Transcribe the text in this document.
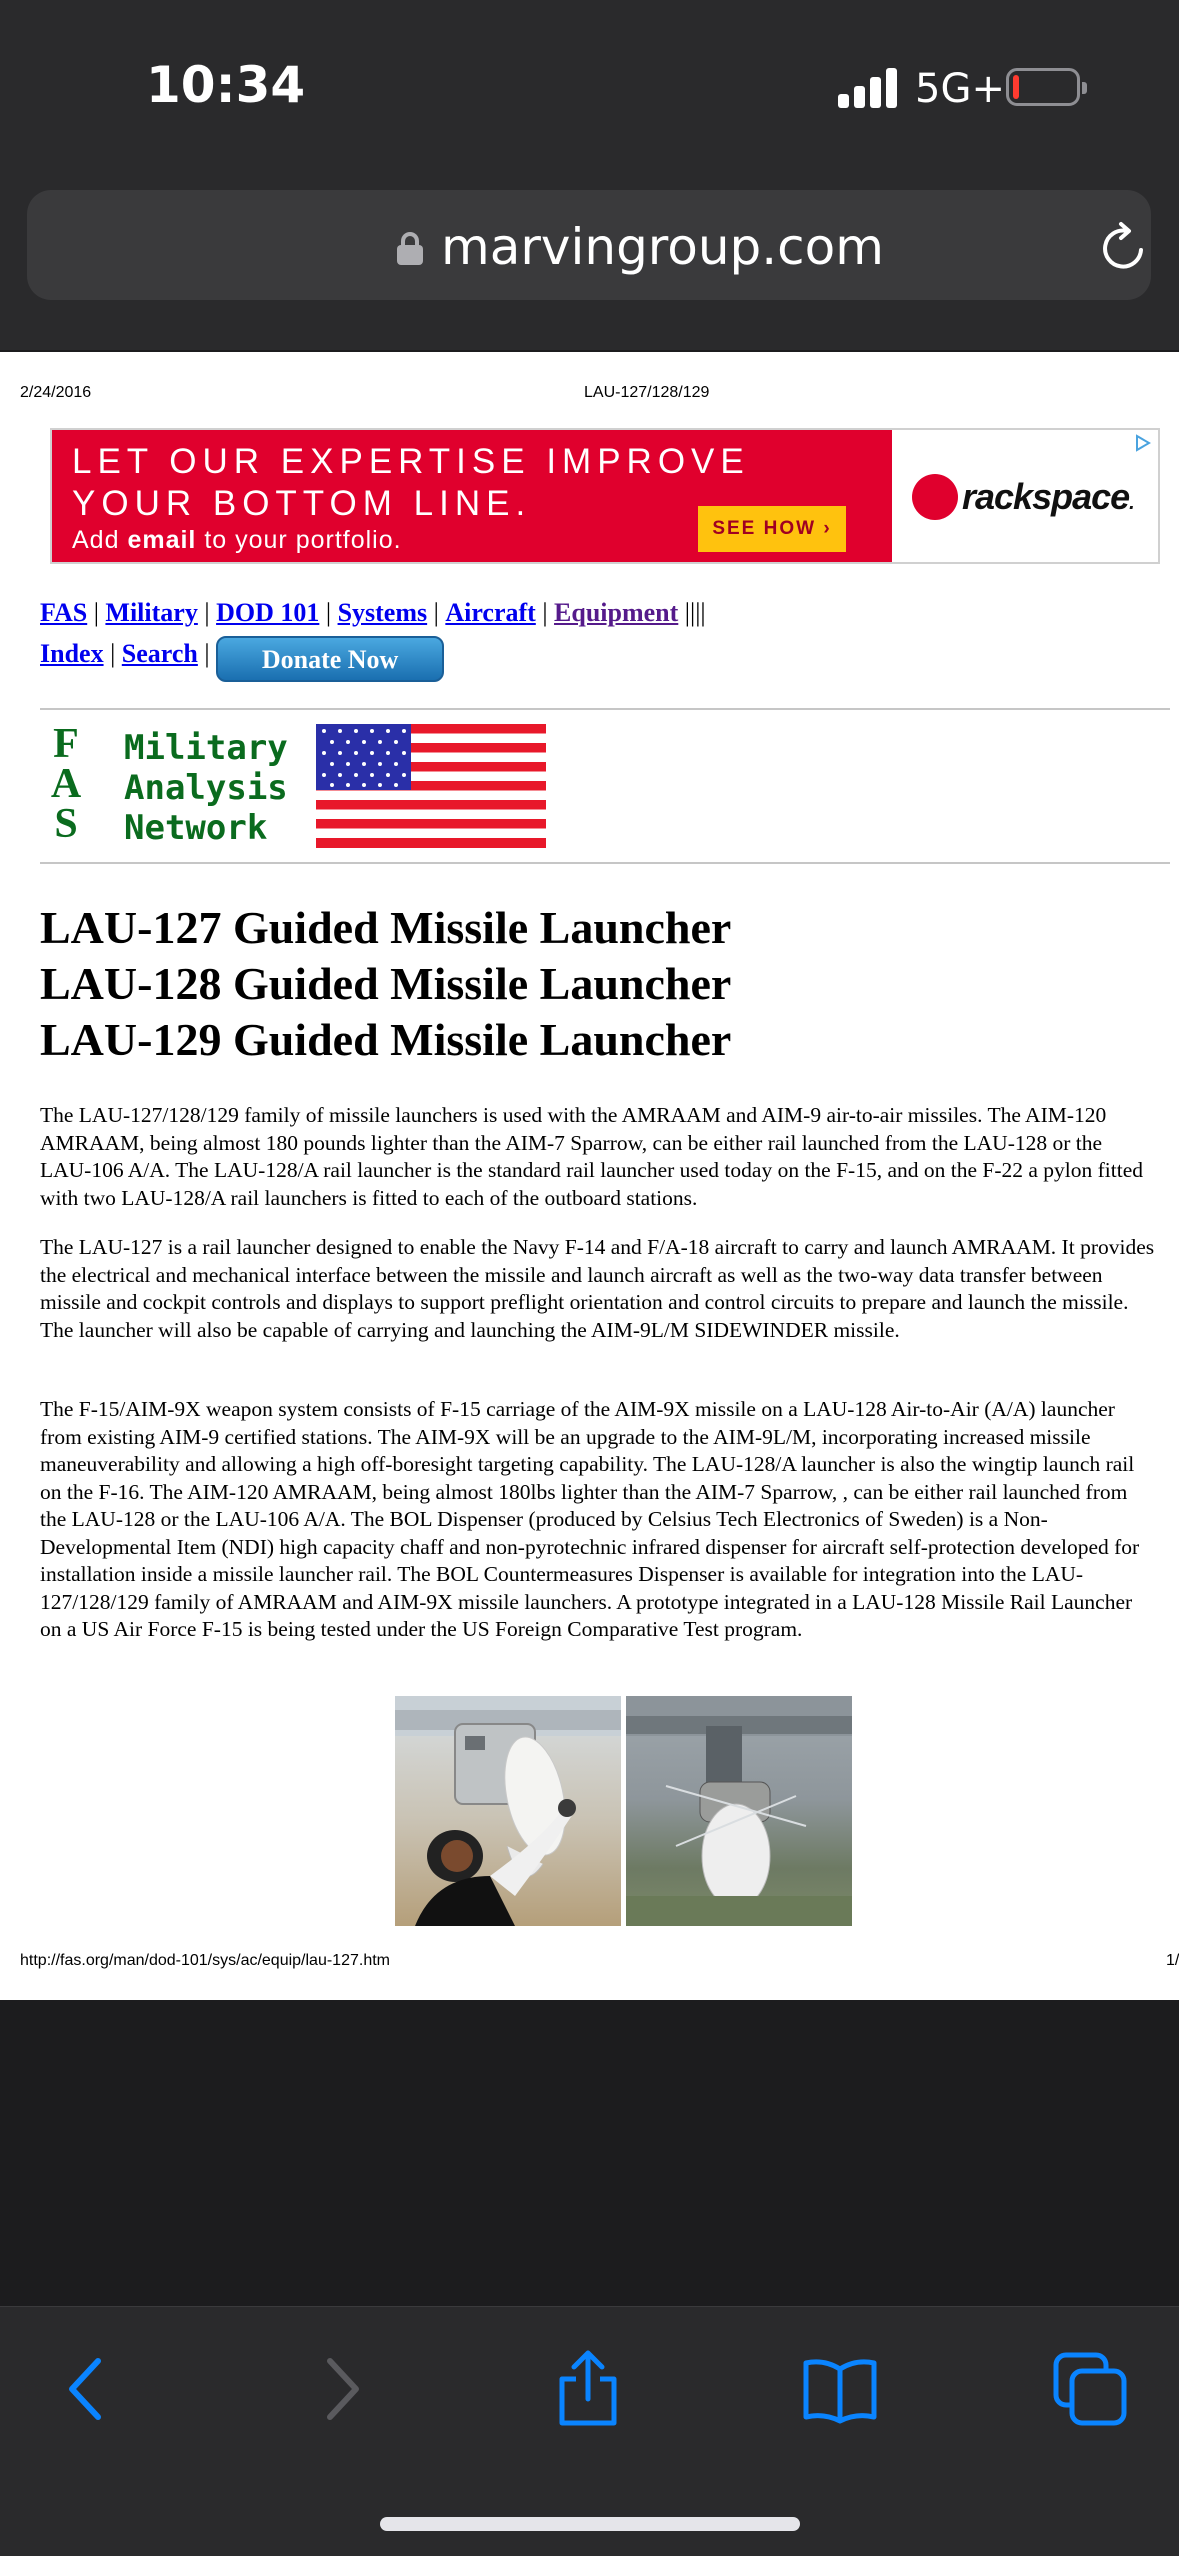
10:34	5G+
marvingroup.com
2/24/2016	LAU-127/128/129
LET OUR EXPERTISE IMPROVE
YOUR BOTTOM LINE.
Add email to your portfolio.	SEE HOW ›
rackspace.
FAS | Military | DOD 101 | Systems | Aircraft | Equipment ||||
Index | Search | Donate Now
F
A
S
Military
Analysis
Network
LAU-127 Guided Missile Launcher
LAU-128 Guided Missile Launcher
LAU-129 Guided Missile Launcher

The LAU-127/128/129 family of missile launchers is used with the AMRAAM and AIM-9 air-to-air missiles. The AIM-120 AMRAAM, being almost 180 pounds lighter than the AIM-7 Sparrow, can be either rail launched from the LAU-128 or the LAU-106 A/A. The LAU-128/A rail launcher is the standard rail launcher used today on the F-15, and on the F-22 a pylon fitted with two LAU-128/A rail launchers is fitted to each of the outboard stations.

The LAU-127 is a rail launcher designed to enable the Navy F-14 and F/A-18 aircraft to carry and launch AMRAAM. It provides the electrical and mechanical interface between the missile and launch aircraft as well as the two-way data transfer between missile and cockpit controls and displays to support preflight orientation and control circuits to prepare and launch the missile. The launcher will also be capable of carrying and launching the AIM-9L/M SIDEWINDER missile.

The F-15/AIM-9X weapon system consists of F-15 carriage of the AIM-9X missile on a LAU-128 Air-to-Air (A/A) launcher from existing AIM-9 certified stations. The AIM-9X will be an upgrade to the AIM-9L/M, incorporating increased missile maneuverability and allowing a high off-boresight targeting capability. The LAU-128/A launcher is also the wingtip launch rail on the F-16. The AIM-120 AMRAAM, being almost 180lbs lighter than the AIM-7 Sparrow, , can be either rail launched from the LAU-128 or the LAU-106 A/A. The BOL Dispenser (produced by Celsius Tech Electronics of Sweden) is a Non-Developmental Item (NDI) high capacity chaff and non-pyrotechnic infrared dispenser for aircraft self-protection developed for installation inside a missile launcher rail. The BOL Countermeasures Dispenser is available for integration into the LAU-127/128/129 family of AMRAAM and AIM-9X missile launchers. A prototype integrated in a LAU-128 Missile Rail Launcher on a US Air Force F-15 is being tested under the US Foreign Comparative Test program.

http://fas.org/man/dod-101/sys/ac/equip/lau-127.htm	1/
